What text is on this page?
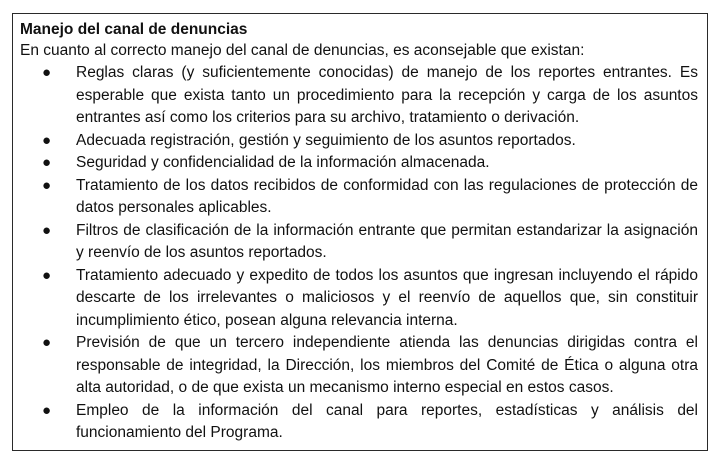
Manejo del canal de denuncias

En cuanto al correcto manejo del canal de denuncias, es aconsejable que existan:

● Reglas claras (y suficientemente conocidas) de manejo de los reportes entrantes. Es esperable que exista tanto un procedimiento para la recepción y carga de los asuntos entrantes así como los criterios para su archivo, tratamiento o derivación.
● Adecuada registración, gestión y seguimiento de los asuntos reportados.
● Seguridad y confidencialidad de la información almacenada.
● Tratamiento de los datos recibidos de conformidad con las regulaciones de protección de datos personales aplicables.
● Filtros de clasificación de la información entrante que permitan estandarizar la asignación y reenvío de los asuntos reportados.
● Tratamiento adecuado y expedito de todos los asuntos que ingresan incluyendo el rápido descarte de los irrelevantes o maliciosos y el reenvío de aquellos que, sin constituir incumplimiento ético, posean alguna relevancia interna.
● Previsión de que un tercero independiente atienda las denuncias dirigidas contra el responsable de integridad, la Dirección, los miembros del Comité de Ética o alguna otra alta autoridad, o de que exista un mecanismo interno especial en estos casos.
● Empleo de la información del canal para reportes, estadísticas y análisis del funcionamiento del Programa.
